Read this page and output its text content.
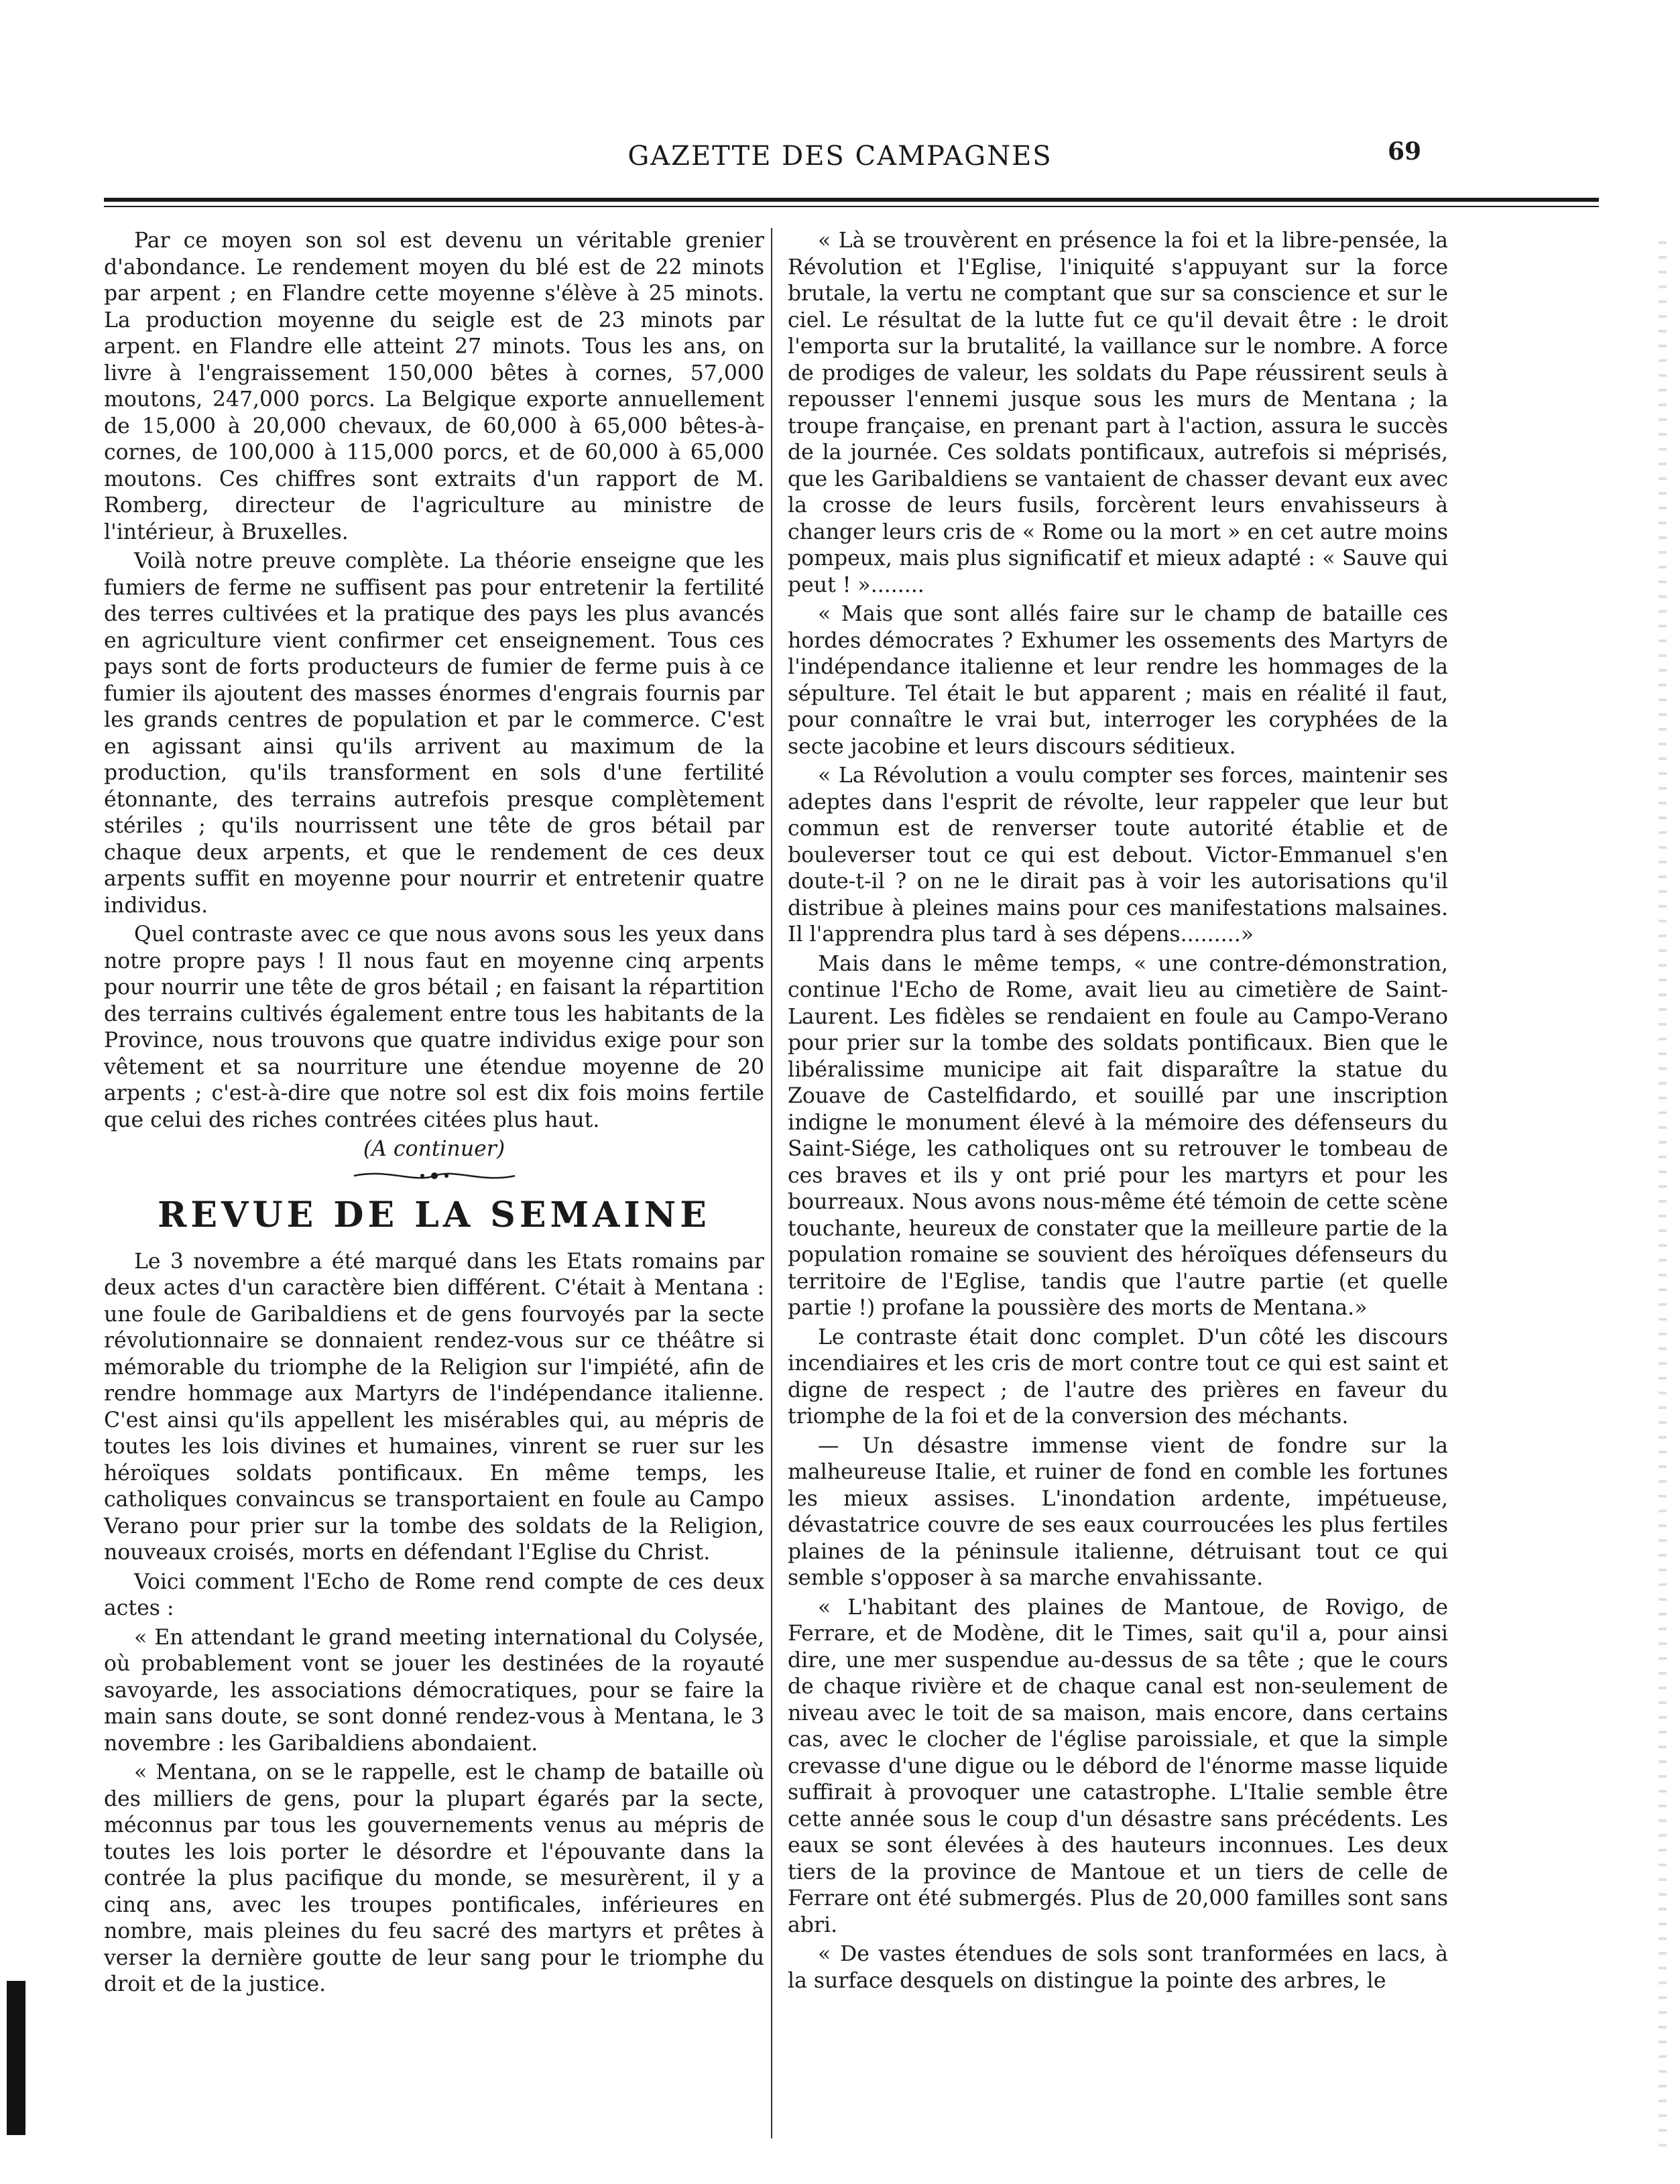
GAZETTE DES CAMPAGNES	69

Par ce moyen son sol est devenu un véritable grenier d'abondance. Le rendement moyen du blé est de 22 minots par arpent ; en Flandre cette moyenne s'élève à 25 minots. La production moyenne du seigle est de 23 minots par arpent. en Flandre elle atteint 27 minots. Tous les ans, on livre à l'engraissement 150,000 bêtes à cornes, 57,000 moutons, 247,000 porcs. La Belgique exporte annuellement de 15,000 à 20,000 chevaux, de 60,000 à 65,000 bêtes-à-cornes, de 100,000 à 115,000 porcs, et de 60,000 à 65,000 moutons. Ces chiffres sont extraits d'un rapport de M. Romberg, directeur de l'agriculture au ministre de l'intérieur, à Bruxelles.

Voilà notre preuve complète. La théorie enseigne que les fumiers de ferme ne suffisent pas pour entretenir la fertilité des terres cultivées et la pratique des pays les plus avancés en agriculture vient confirmer cet enseignement. Tous ces pays sont de forts producteurs de fumier de ferme puis à ce fumier ils ajoutent des masses énormes d'engrais fournis par les grands centres de population et par le commerce. C'est en agissant ainsi qu'ils arrivent au maximum de la production, qu'ils transforment en sols d'une fertilité étonnante, des terrains autrefois presque complètement stériles ; qu'ils nourrissent une tête de gros bétail par chaque deux arpents, et que le rendement de ces deux arpents suffit en moyenne pour nourrir et entretenir quatre individus.

Quel contraste avec ce que nous avons sous les yeux dans notre propre pays ! Il nous faut en moyenne cinq arpents pour nourrir une tête de gros bétail ; en faisant la répartition des terrains cultivés également entre tous les habitants de la Province, nous trouvons que quatre individus exige pour son vêtement et sa nourriture une étendue moyenne de 20 arpents ; c'est-à-dire que notre sol est dix fois moins fertile que celui des riches contrées citées plus haut.

(A continuer)

REVUE DE LA SEMAINE

Le 3 novembre a été marqué dans les Etats romains par deux actes d'un caractère bien différent. C'était à Mentana : une foule de Garibaldiens et de gens fourvoyés par la secte révolutionnaire se donnaient rendez-vous sur ce théâtre si mémorable du triomphe de la Religion sur l'impiété, afin de rendre hommage aux Martyrs de l'indépendance italienne. C'est ainsi qu'ils appellent les misérables qui, au mépris de toutes les lois divines et humaines, vinrent se ruer sur les héroïques soldats pontificaux. En même temps, les catholiques convaincus se transportaient en foule au Campo Verano pour prier sur la tombe des soldats de la Religion, nouveaux croisés, morts en défendant l'Eglise du Christ.

Voici comment l'Echo de Rome rend compte de ces deux actes :

« En attendant le grand meeting international du Colysée, où probablement vont se jouer les destinées de la royauté savoyarde, les associations démocratiques, pour se faire la main sans doute, se sont donné rendez-vous à Mentana, le 3 novembre : les Garibaldiens abondaient.

« Mentana, on se le rappelle, est le champ de bataille où des milliers de gens, pour la plupart égarés par la secte, méconnus par tous les gouvernements venus au mépris de toutes les lois porter le désordre et l'épouvante dans la contrée la plus pacifique du monde, se mesurèrent, il y a cinq ans, avec les troupes pontificales, inférieures en nombre, mais pleines du feu sacré des martyrs et prêtes à verser la dernière goutte de leur sang pour le triomphe du droit et de la justice.

« Là se trouvèrent en présence la foi et la libre-pensée, la Révolution et l'Eglise, l'iniquité s'appuyant sur la force brutale, la vertu ne comptant que sur sa conscience et sur le ciel. Le résultat de la lutte fut ce qu'il devait être : le droit l'emporta sur la brutalité, la vaillance sur le nombre. A force de prodiges de valeur, les soldats du Pape réussirent seuls à repousser l'ennemi jusque sous les murs de Mentana ; la troupe française, en prenant part à l'action, assura le succès de la journée. Ces soldats pontificaux, autrefois si méprisés, que les Garibaldiens se vantaient de chasser devant eux avec la crosse de leurs fusils, forcèrent leurs envahisseurs à changer leurs cris de « Rome ou la mort » en cet autre moins pompeux, mais plus significatif et mieux adapté : « Sauve qui peut ! »........

« Mais que sont allés faire sur le champ de bataille ces hordes démocrates ? Exhumer les ossements des Martyrs de l'indépendance italienne et leur rendre les hommages de la sépulture. Tel était le but apparent ; mais en réalité il faut, pour connaître le vrai but, interroger les coryphées de la secte jacobine et leurs discours séditieux.

« La Révolution a voulu compter ses forces, maintenir ses adeptes dans l'esprit de révolte, leur rappeler que leur but commun est de renverser toute autorité établie et de bouleverser tout ce qui est debout. Victor-Emmanuel s'en doute-t-il ? on ne le dirait pas à voir les autorisations qu'il distribue à pleines mains pour ces manifestations malsaines. Il l'apprendra plus tard à ses dépens.........»

Mais dans le même temps, « une contre-démonstration, continue l'Echo de Rome, avait lieu au cimetière de Saint-Laurent. Les fidèles se rendaient en foule au Campo-Verano pour prier sur la tombe des soldats pontificaux. Bien que le libéralissime municipe ait fait disparaître la statue du Zouave de Castelfidardo, et souillé par une inscription indigne le monument élevé à la mémoire des défenseurs du Saint-Siége, les catholiques ont su retrouver le tombeau de ces braves et ils y ont prié pour les martyrs et pour les bourreaux. Nous avons nous-même été témoin de cette scène touchante, heureux de constater que la meilleure partie de la population romaine se souvient des héroïques défenseurs du territoire de l'Eglise, tandis que l'autre partie (et quelle partie !) profane la poussière des morts de Mentana.»

Le contraste était donc complet. D'un côté les discours incendiaires et les cris de mort contre tout ce qui est saint et digne de respect ; de l'autre des prières en faveur du triomphe de la foi et de la conversion des méchants.

— Un désastre immense vient de fondre sur la malheureuse Italie, et ruiner de fond en comble les fortunes les mieux assises. L'inondation ardente, impétueuse, dévastatrice couvre de ses eaux courroucées les plus fertiles plaines de la péninsule italienne, détruisant tout ce qui semble s'opposer à sa marche envahissante.

« L'habitant des plaines de Mantoue, de Rovigo, de Ferrare, et de Modène, dit le Times, sait qu'il a, pour ainsi dire, une mer suspendue au-dessus de sa tête ; que le cours de chaque rivière et de chaque canal est non-seulement de niveau avec le toit de sa maison, mais encore, dans certains cas, avec le clocher de l'église paroissiale, et que la simple crevasse d'une digue ou le débord de l'énorme masse liquide suffirait à provoquer une catastrophe. L'Italie semble être cette année sous le coup d'un désastre sans précédents. Les eaux se sont élevées à des hauteurs inconnues. Les deux tiers de la province de Mantoue et un tiers de celle de Ferrare ont été submergés. Plus de 20,000 familles sont sans abri.

« De vastes étendues de sols sont tranformées en lacs, à la surface desquels on distingue la pointe des arbres, le
